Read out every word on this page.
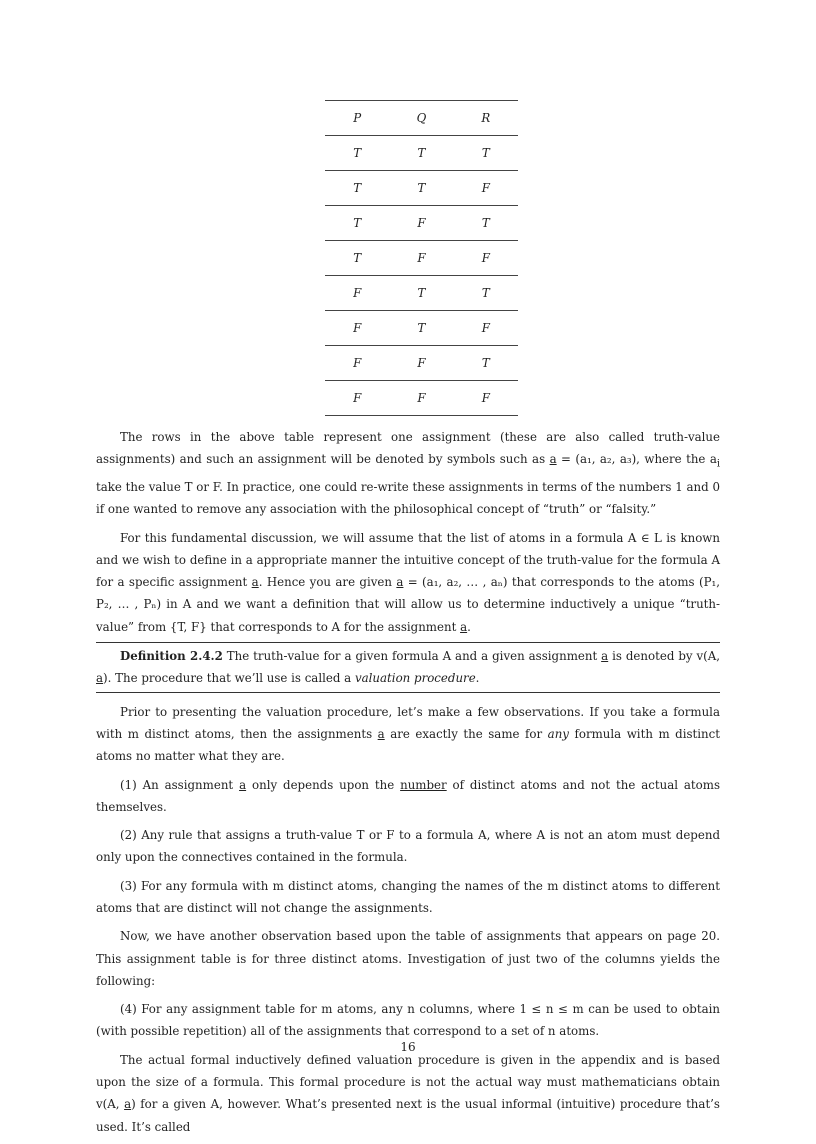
P	Q	R
T	T	T
T	T	F
T	F	T
T	F	F
F	T	T
F	T	F
F	F	T
F	F	F

The rows in the above table represent one assignment (these are also called truth-value assignments) and such an assignment will be denoted by symbols such as a = (a₁, a₂, a₃), where the $a_i$ take the value T or F. In practice, one could re-write these assignments in terms of the numbers 1 and 0 if one wanted to remove any association with the philosophical concept of “truth” or “falsity.”

For this fundamental discussion, we will assume that the list of atoms in a formula A ∈ L is known and we wish to define in a appropriate manner the intuitive concept of the truth-value for the formula A for a specific assignment a. Hence you are given a = (a₁, a₂, … , aₙ) that corresponds to the atoms (P₁, P₂, … , Pₙ) in A and we want a definition that will allow us to determine inductively a unique “truth-value” from {T, F} that corresponds to A for the assignment a.

Definition 2.4.2 The truth-value for a given formula A and a given assignment a is denoted by v(A, a). The procedure that we’ll use is called a valuation procedure.

Prior to presenting the valuation procedure, let’s make a few observations. If you take a formula with m distinct atoms, then the assignments a are exactly the same for any formula with m distinct atoms no matter what they are.

(1) An assignment a only depends upon the number of distinct atoms and not the actual atoms themselves.

(2) Any rule that assigns a truth-value T or F to a formula A, where A is not an atom must depend only upon the connectives contained in the formula.

(3) For any formula with m distinct atoms, changing the names of the m distinct atoms to different atoms that are distinct will not change the assignments.

Now, we have another observation based upon the table of assignments that appears on page 20. This assignment table is for three distinct atoms. Investigation of just two of the columns yields the following:

(4) For any assignment table for m atoms, any n columns, where 1 ≤ n ≤ m can be used to obtain (with possible repetition) all of the assignments that correspond to a set of n atoms.

The actual formal inductively defined valuation procedure is given in the appendix and is based upon the size of a formula. This formal procedure is not the actual way must mathematicians obtain v(A, a) for a given A, however. What’s presented next is the usual informal (intuitive) procedure that’s used. It’s called

16
